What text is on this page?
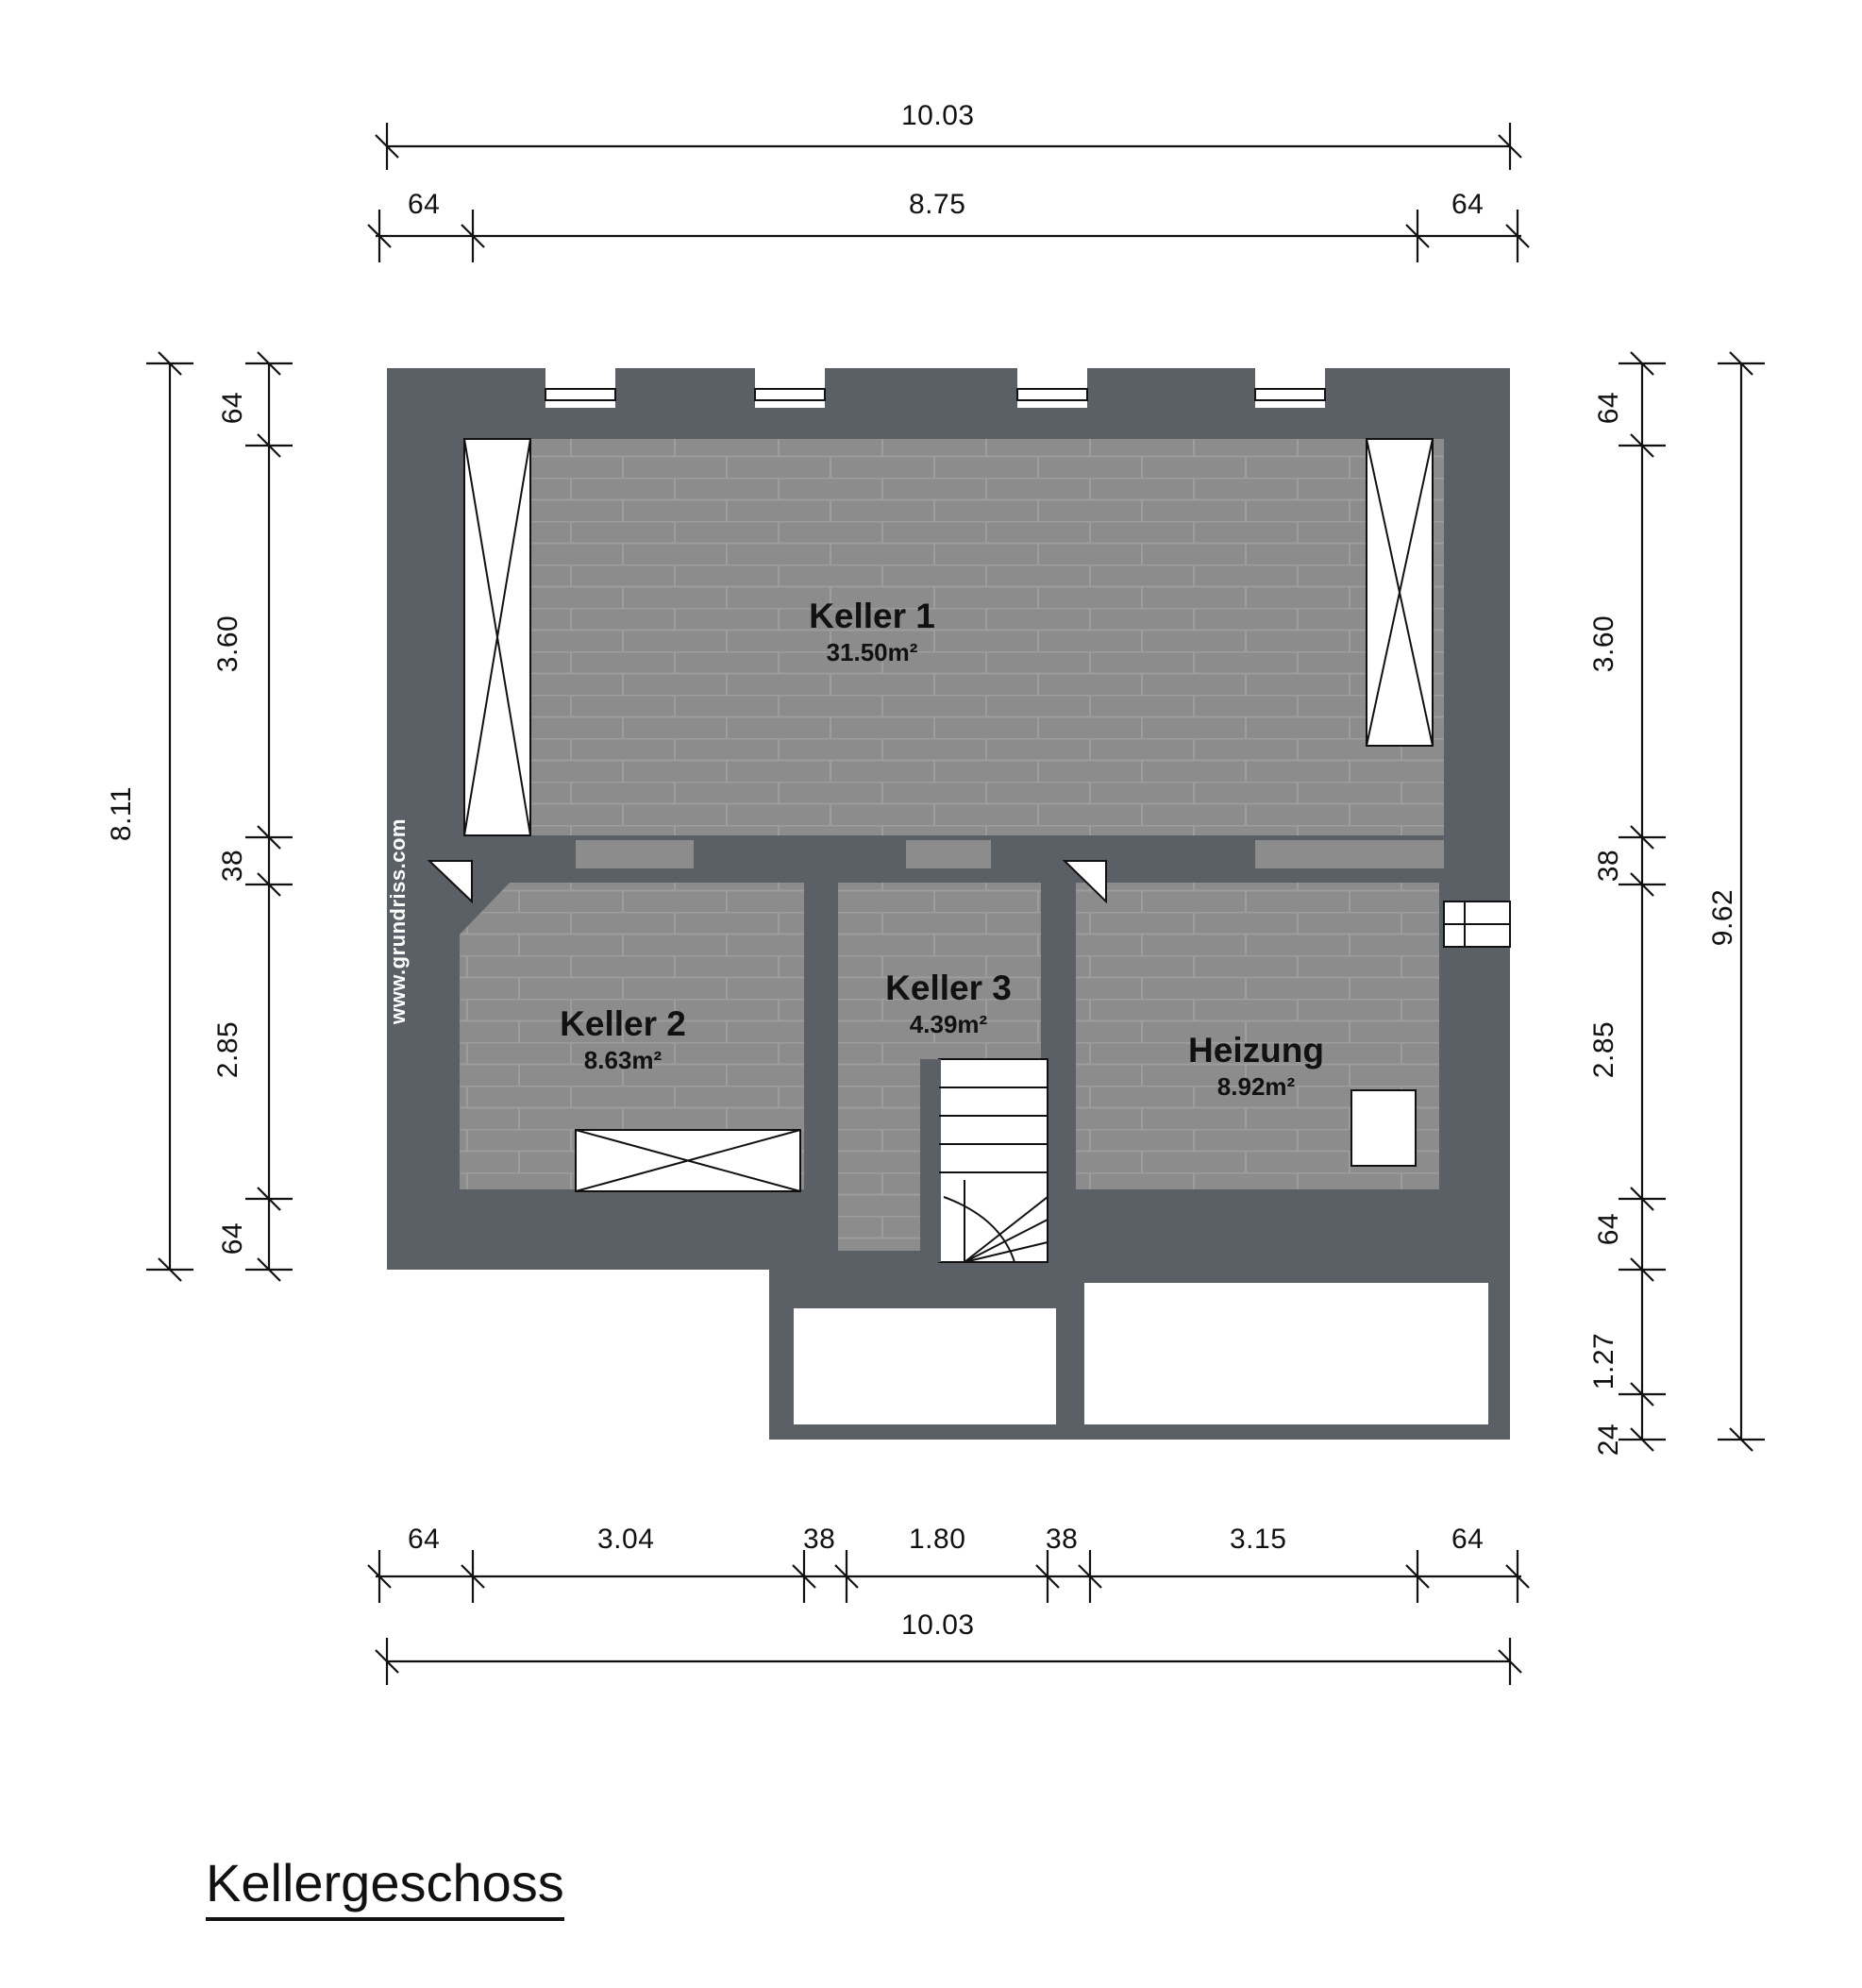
Keller 1
31.50m²
Keller 2
8.63m²
Keller 3
4.39m²
Heizung
8.92m²
www.grundriss.com
10.03
64	8.75	64
8.11
64
3.60
38
2.85
64
64
3.60
38
2.85
64
1.27
24
9.62
64	3.04	38	1.80	38	3.15	64
10.03
Kellergeschoss
